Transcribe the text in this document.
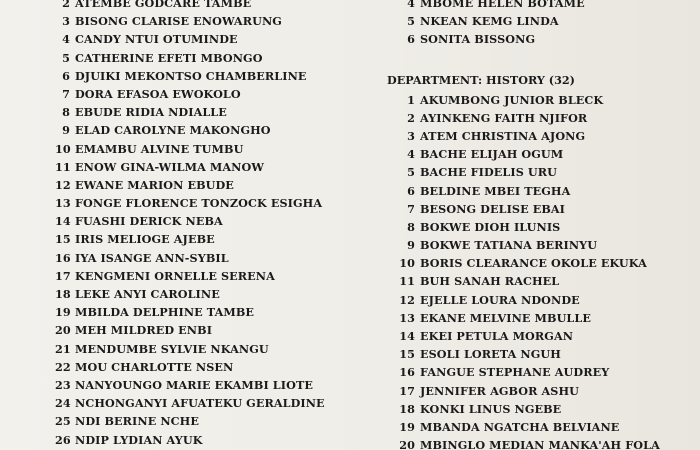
2 ATEMBE GODCARE TAMBE
3 BISONG CLARISE ENOWARUNG
4 CANDY NTUI OTUMINDE
5 CATHERINE EFETI MBONGO
6 DJUIKI MEKONTSO CHAMBERLINE
7 DORA EFASOA EWOKOLO
8 EBUDE RIDIA NDIALLE
9 ELAD CAROLYNE MAKONGHO
10 EMAMBU ALVINE TUMBU
11 ENOW GINA-WILMA MANOW
12 EWANE MARION EBUDE
13 FONGE FLORENCE TONZOCK ESIGHA
14 FUASHI DERICK NEBA
15 IRIS MELIOGE AJEBE
16 IYA ISANGE ANN-SYBIL
17 KENGMENI ORNELLE SERENA
18 LEKE ANYI CAROLINE
19 MBILDA DELPHINE TAMBE
20 MEH MILDRED ENBI
21 MENDUMBE SYLVIE NKANGU
22 MOU CHARLOTTE NSEN
23 NANYOUNGO MARIE EKAMBI LIOTE
24 NCHONGANYI AFUATEKU GERALDINE
25 NDI BERINE NCHE
26 NDIP LYDIAN AYUK
4 MBOME HELEN BOTAME
5 NKEAN KEMG LINDA
6 SONITA BISSONG
DEPARTMENT: HISTORY (32)
1 AKUMBONG JUNIOR BLECK
2 AYINKENG FAITH NJIFOR
3 ATEM CHRISTINA AJONG
4 BACHE ELIJAH OGUM
5 BACHE FIDELIS URU
6 BELDINE MBEI TEGHA
7 BESONG DELISE EBAI
8 BOKWE DIOH ILUNIS
9 BOKWE TATIANA BERINYU
10 BORIS CLEARANCE OKOLE EKUKA
11 BUH SANAH RACHEL
12 EJELLE LOURA NDONDE
13 EKANE MELVINE MBULLE
14 EKEI PETULA MORGAN
15 ESOLI LORETA NGUH
16 FANGUE STEPHANE AUDREY
17 JENNIFER AGBOR ASHU
18 KONKI LINUS NGEBE
19 MBANDA NGATCHA BELVIANE
20 MBINGLO MEDIAN MANKA'AH FOLA
